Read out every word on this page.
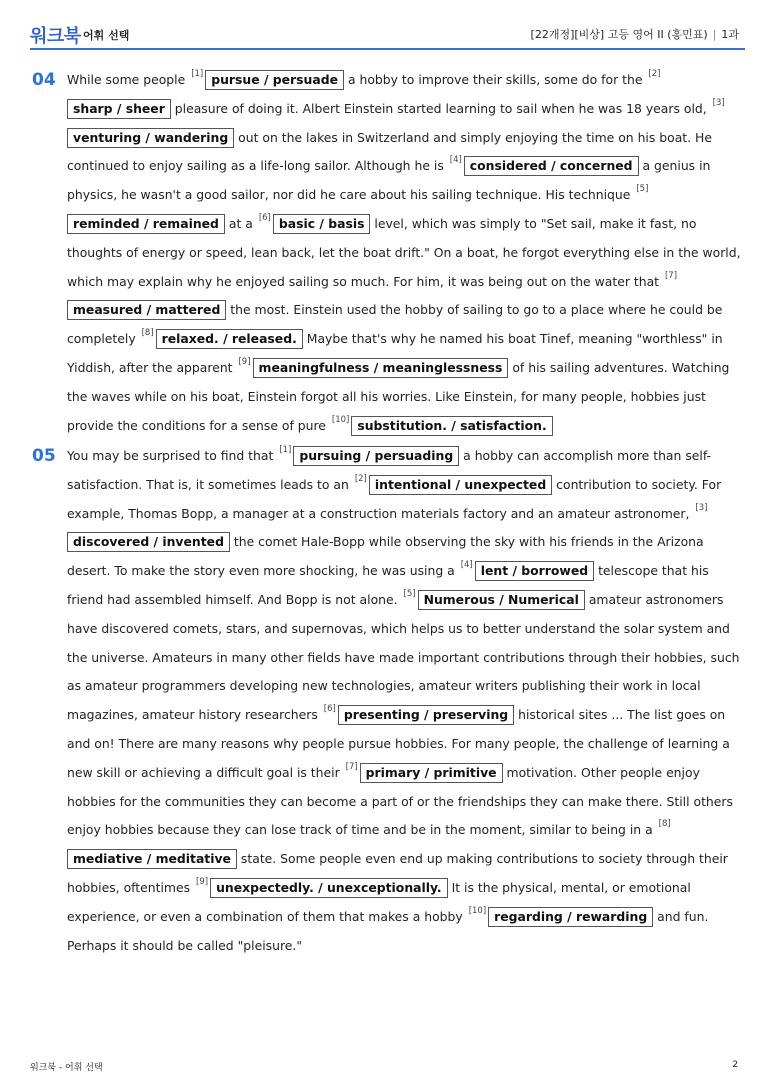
워크북 어휘 선택	[22개정][비상] 고등 영어 II (홍민표) | 1과
04 While some people [1] pursue / persuade a hobby to improve their skills, some do for the [2]sharp / sheer pleasure of doing it. Albert Einstein started learning to sail when he was 18 years old, [3]venturing / wandering out on the lakes in Switzerland and simply enjoying the time on his boat. He continued to enjoy sailing as a life-long sailor. Although he is [4] considered / concerned a genius in physics, he wasn't a good sailor, nor did he care about his sailing technique. His technique [5]reminded / remained at a [6] basic / basis level, which was simply to "Set sail, make it fast, no thoughts of energy or speed, lean back, let the boat drift." On a boat, he forgot everything else in the world, which may explain why he enjoyed sailing so much. For him, it was being out on the water that [7]measured / mattered the most. Einstein used the hobby of sailing to go to a place where he could be completely [8] relaxed. / released. Maybe that's why he named his boat Tinef, meaning "worthless" in Yiddish, after the apparent [9] meaningfulness / meaninglessness of his sailing adventures. Watching the waves while on his boat, Einstein forgot all his worries. Like Einstein, for many people, hobbies just provide the conditions for a sense of pure [10] substitution. / satisfaction.
05 You may be surprised to find that [1] pursuing / persuading a hobby can accomplish more than self-satisfaction. That is, it sometimes leads to an [2] intentional / unexpected contribution to society. For example, Thomas Bopp, a manager at a construction materials factory and an amateur astronomer, [3]discovered / invented the comet Hale-Bopp while observing the sky with his friends in the Arizona desert. To make the story even more shocking, he was using a [4] lent / borrowed telescope that his friend had assembled himself. And Bopp is not alone. [5] Numerous / Numerical amateur astronomers have discovered comets, stars, and supernovas, which helps us to better understand the solar system and the universe. Amateurs in many other fields have made important contributions through their hobbies, such as amateur programmers developing new technologies, amateur writers publishing their work in local magazines, amateur history researchers [6] presenting / preserving historical sites ... The list goes on and on! There are many reasons why people pursue hobbies. For many people, the challenge of learning a new skill or achieving a difficult goal is their [7] primary / primitive motivation. Other people enjoy hobbies for the communities they can become a part of or the friendships they can make there. Still others enjoy hobbies because they can lose track of time and be in the moment, similar to being in a [8]mediative / meditative state. Some people even end up making contributions to society through their hobbies, oftentimes [9] unexpectedly. / unexceptionally. It is the physical, mental, or emotional experience, or even a combination of them that makes a hobby [10] regarding / rewarding and fun. Perhaps it should be called "pleisure."
워크북 - 어휘 선택	2
